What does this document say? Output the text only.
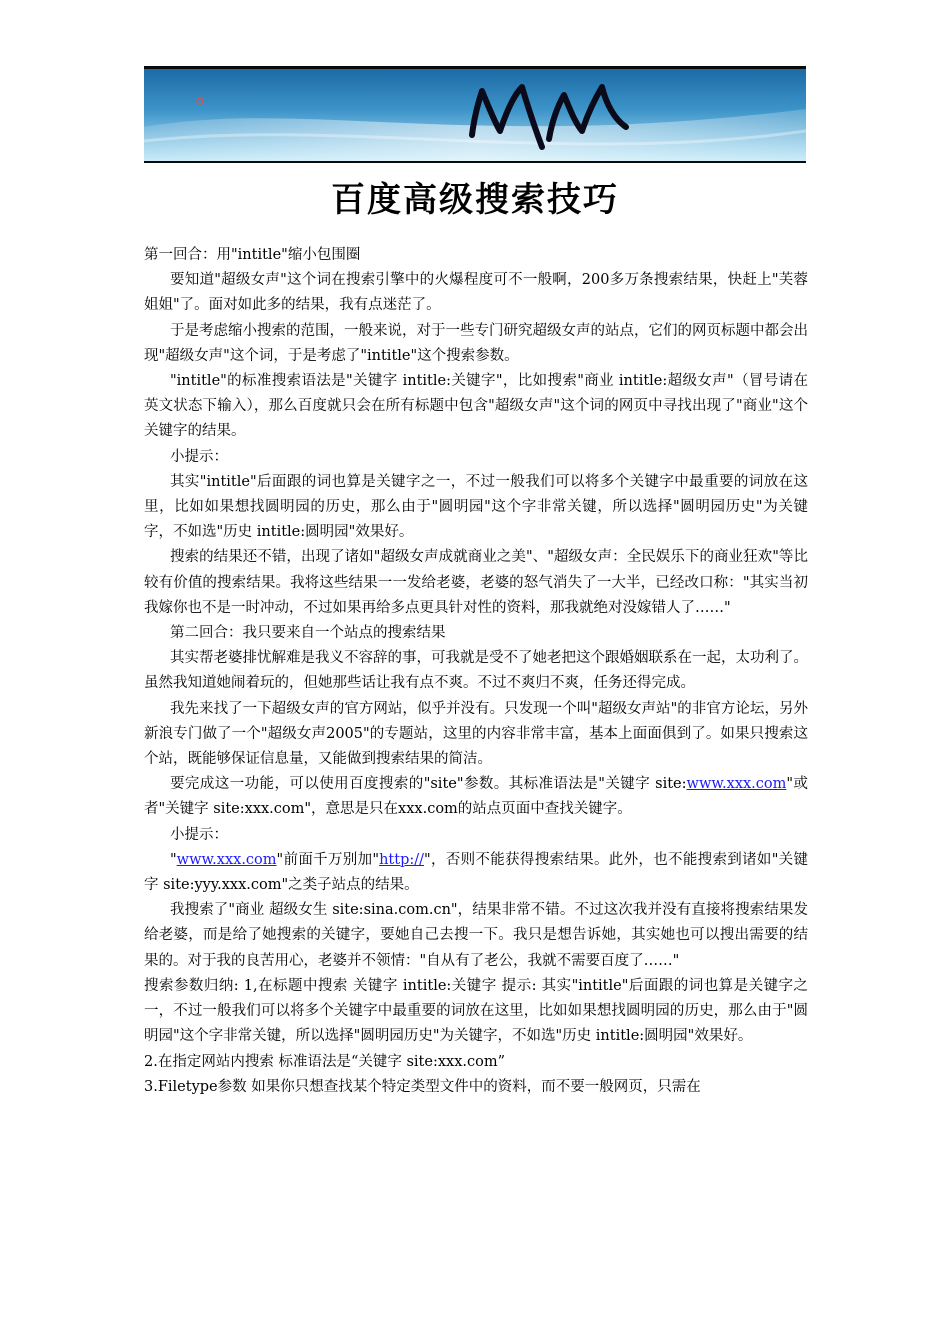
百度高级搜索技巧

第一回合：用"intitle"缩小包围圈

要知道"超级女声"这个词在搜索引擎中的火爆程度可不一般啊，200多万条搜索结果，快赶上"芙蓉姐姐"了。面对如此多的结果，我有点迷茫了。

于是考虑缩小搜索的范围，一般来说，对于一些专门研究超级女声的站点，它们的网页标题中都会出现"超级女声"这个词，于是考虑了"intitle"这个搜索参数。

"intitle"的标准搜索语法是"关键字 intitle:关键字"，比如搜索"商业 intitle:超级女声"（冒号请在英文状态下输入），那么百度就只会在所有标题中包含"超级女声"这个词的网页中寻找出现了"商业"这个关键字的结果。

小提示：

其实"intitle"后面跟的词也算是关键字之一，不过一般我们可以将多个关键字中最重要的词放在这里，比如如果想找圆明园的历史，那么由于"圆明园"这个字非常关键，所以选择"圆明园历史"为关键字，不如选"历史 intitle:圆明园"效果好。

搜索的结果还不错，出现了诸如"超级女声成就商业之美"、"超级女声：全民娱乐下的商业狂欢"等比较有价值的搜索结果。我将这些结果一一发给老婆，老婆的怒气消失了一大半，已经改口称："其实当初我嫁你也不是一时冲动，不过如果再给多点更具针对性的资料，那我就绝对没嫁错人了……"

第二回合：我只要来自一个站点的搜索结果

其实帮老婆排忧解难是我义不容辞的事，可我就是受不了她老把这个跟婚姻联系在一起，太功利了。虽然我知道她闹着玩的，但她那些话让我有点不爽。不过不爽归不爽，任务还得完成。

我先来找了一下超级女声的官方网站，似乎并没有。只发现一个叫"超级女声站"的非官方论坛，另外新浪专门做了一个"超级女声2005"的专题站，这里的内容非常丰富，基本上面面俱到了。如果只搜索这个站，既能够保证信息量，又能做到搜索结果的简洁。

要完成这一功能，可以使用百度搜索的"site"参数。其标准语法是"关键字 site:www.xxx.com"或者"关键字 site:xxx.com"，意思是只在xxx.com的站点页面中查找关键字。

小提示：

"www.xxx.com"前面千万别加"http://"，否则不能获得搜索结果。此外，也不能搜索到诸如"关键字 site:yyy.xxx.com"之类子站点的结果。

我搜索了"商业 超级女生 site:sina.com.cn"，结果非常不错。不过这次我并没有直接将搜索结果发给老婆，而是给了她搜索的关键字，要她自己去搜一下。我只是想告诉她，其实她也可以搜出需要的结果的。对于我的良苦用心，老婆并不领情："自从有了老公，我就不需要百度了……"

搜索参数归纳: 1,在标题中搜索 关键字 intitle:关键字 提示: 其实"intitle"后面跟的词也算是关键字之一，不过一般我们可以将多个关键字中最重要的词放在这里，比如如果想找圆明园的历史，那么由于"圆明园"这个字非常关键，所以选择"圆明园历史"为关键字，不如选"历史 intitle:圆明园"效果好。

2.在指定网站内搜索 标准语法是“关键字 site:xxx.com”

3.Filetype参数 如果你只想查找某个特定类型文件中的资料，而不要一般网页，只需在
